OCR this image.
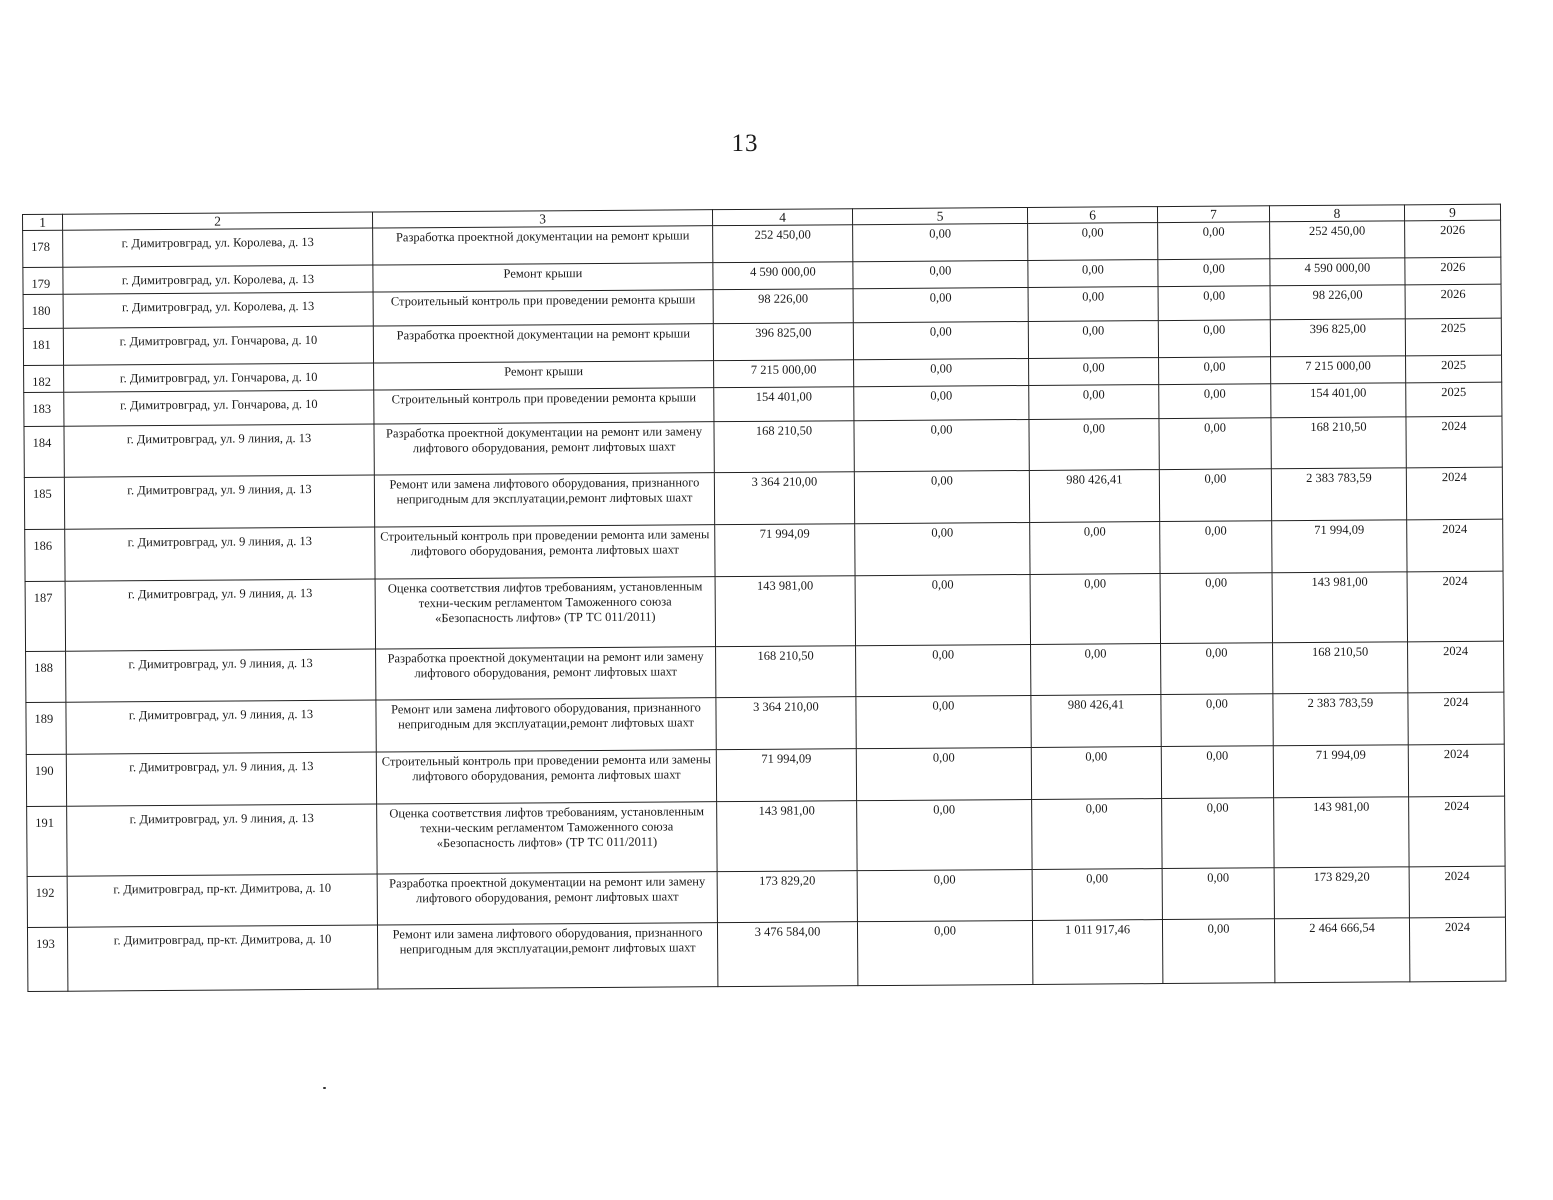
13
1	2	3	4	5	6	7	8	9
178	г. Димитровград, ул. Королева, д. 13	Разработка проектной документации на ремонт крыши	252 450,00	0,00	0,00	0,00	252 450,00	2026
179	г. Димитровград, ул. Королева, д. 13	Ремонт крыши	4 590 000,00	0,00	0,00	0,00	4 590 000,00	2026
180	г. Димитровград, ул. Королева, д. 13	Строительный контроль при проведении ремонта крыши	98 226,00	0,00	0,00	0,00	98 226,00	2026
181	г. Димитровград, ул. Гончарова, д. 10	Разработка проектной документации на ремонт крыши	396 825,00	0,00	0,00	0,00	396 825,00	2025
182	г. Димитровград, ул. Гончарова, д. 10	Ремонт крыши	7 215 000,00	0,00	0,00	0,00	7 215 000,00	2025
183	г. Димитровград, ул. Гончарова, д. 10	Строительный контроль при проведении ремонта крыши	154 401,00	0,00	0,00	0,00	154 401,00	2025
184	г. Димитровград, ул. 9 линия, д. 13	Разработка проектной документации на ремонт или замену лифтового оборудования, ремонт лифтовых шахт	168 210,50	0,00	0,00	0,00	168 210,50	2024
185	г. Димитровград, ул. 9 линия, д. 13	Ремонт или замена лифтового оборудования, признанного непригодным для эксплуатации,ремонт лифтовых шахт	3 364 210,00	0,00	980 426,41	0,00	2 383 783,59	2024
186	г. Димитровград, ул. 9 линия, д. 13	Строительный контроль при проведении ремонта или замены лифтового оборудования, ремонта лифтовых шахт	71 994,09	0,00	0,00	0,00	71 994,09	2024
187	г. Димитровград, ул. 9 линия, д. 13	Оценка соответствия лифтов требованиям, установленным техни-ческим регламентом Таможенного союза «Безопасность лифтов» (ТР ТС 011/2011)	143 981,00	0,00	0,00	0,00	143 981,00	2024
188	г. Димитровград, ул. 9 линия, д. 13	Разработка проектной документации на ремонт или замену лифтового оборудования, ремонт лифтовых шахт	168 210,50	0,00	0,00	0,00	168 210,50	2024
189	г. Димитровград, ул. 9 линия, д. 13	Ремонт или замена лифтового оборудования, признанного непригодным для эксплуатации,ремонт лифтовых шахт	3 364 210,00	0,00	980 426,41	0,00	2 383 783,59	2024
190	г. Димитровград, ул. 9 линия, д. 13	Строительный контроль при проведении ремонта или замены лифтового оборудования, ремонта лифтовых шахт	71 994,09	0,00	0,00	0,00	71 994,09	2024
191	г. Димитровград, ул. 9 линия, д. 13	Оценка соответствия лифтов требованиям, установленным техни-ческим регламентом Таможенного союза «Безопасность лифтов» (ТР ТС 011/2011)	143 981,00	0,00	0,00	0,00	143 981,00	2024
192	г. Димитровград, пр-кт. Димитрова, д. 10	Разработка проектной документации на ремонт или замену лифтового оборудования, ремонт лифтовых шахт	173 829,20	0,00	0,00	0,00	173 829,20	2024
193	г. Димитровград, пр-кт. Димитрова, д. 10	Ремонт или замена лифтового оборудования, признанного непригодным для эксплуатации,ремонт лифтовых шахт	3 476 584,00	0,00	1 011 917,46	0,00	2 464 666,54	2024
